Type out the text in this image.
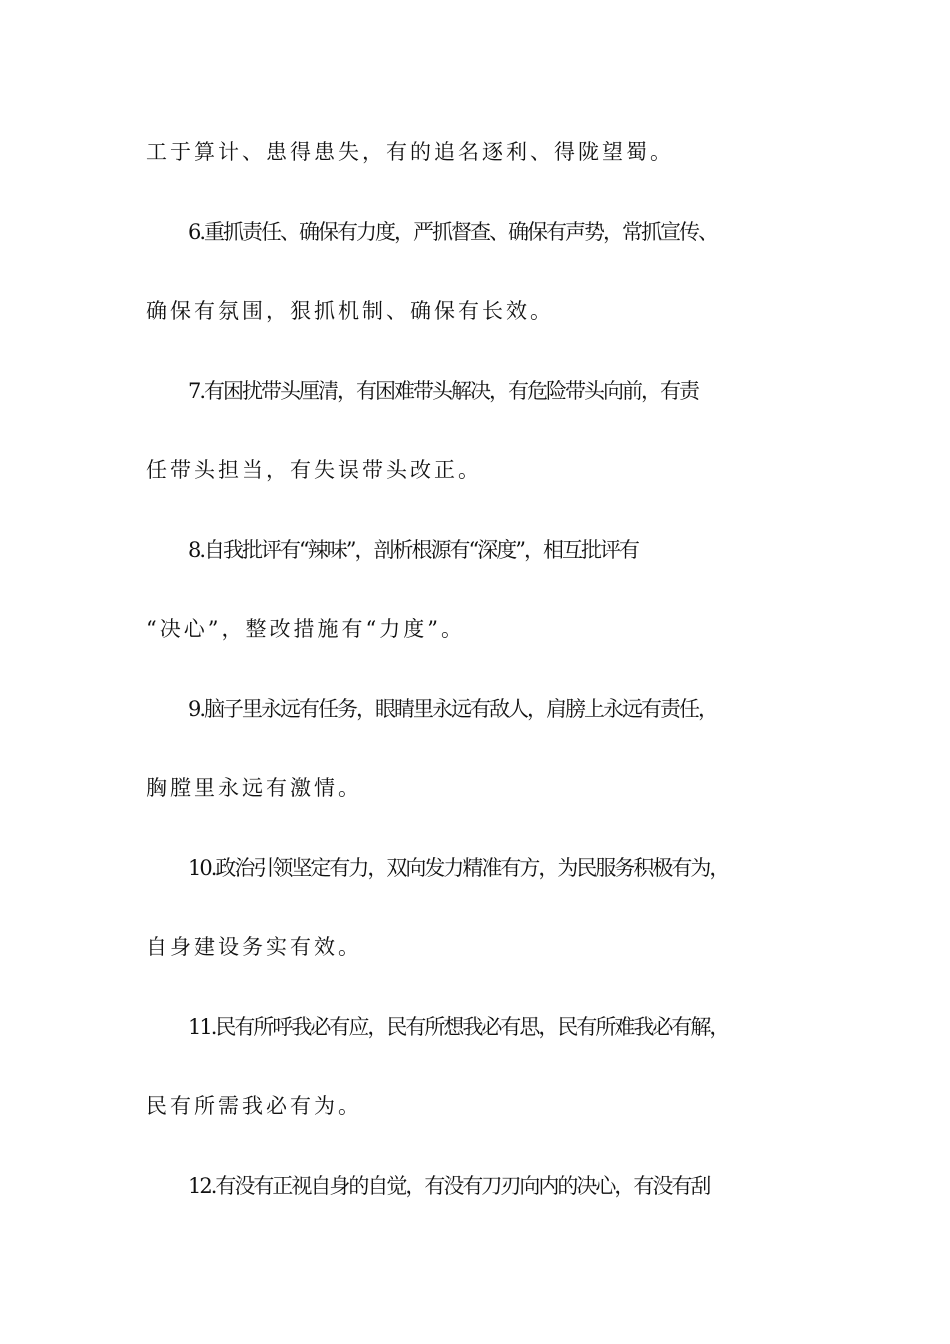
工于算计、患得患失，有的追名逐利、得陇望蜀。
6.重抓责任、确保有力度，严抓督查、确保有声势，常抓宣传、
确保有氛围，狠抓机制、确保有长效。
7.有困扰带头厘清，有困难带头解决，有危险带头向前，有责
任带头担当，有失误带头改正。
8.自我批评有“辣味”，剖析根源有“深度”，相互批评有
“决心”，整改措施有“力度”。
9.脑子里永远有任务，眼睛里永远有敌人，肩膀上永远有责任，
胸膛里永远有激情。
10.政治引领坚定有力，双向发力精准有方，为民服务积极有为，
自身建设务实有效。
11.民有所呼我必有应，民有所想我必有思，民有所难我必有解，
民有所需我必有为。
12.有没有正视自身的自觉，有没有刀刃向内的决心，有没有刮
